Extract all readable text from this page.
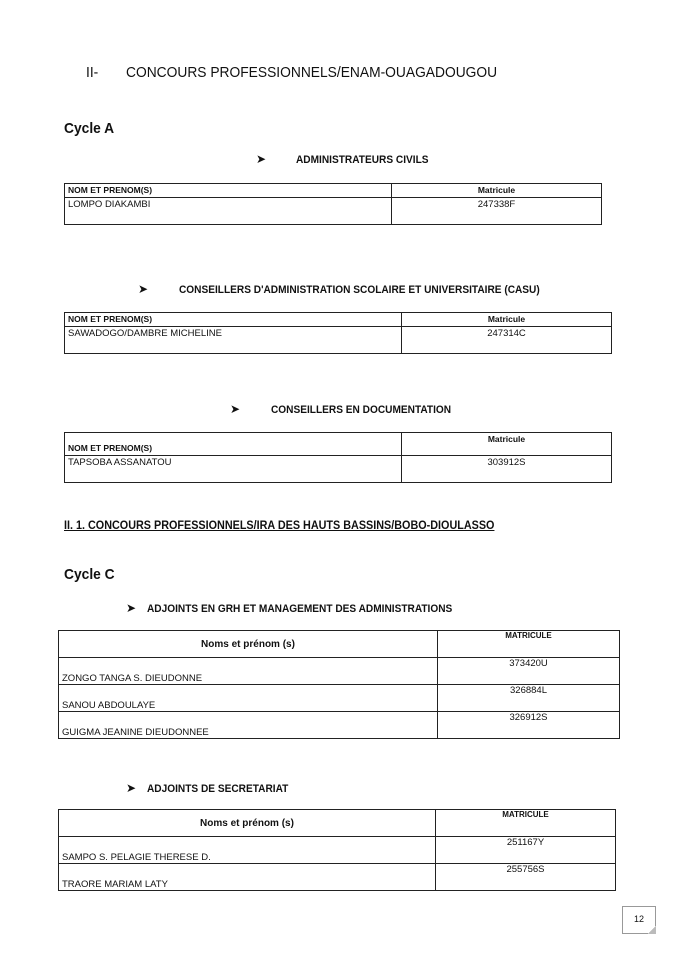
II- CONCOURS PROFESSIONNELS/ENAM-OUAGADOUGOU
Cycle A
➤	ADMINISTRATEURS CIVILS
NOM ET PRENOM(S)	Matricule
LOMPO DIAKAMBI	247338F
➤	CONSEILLERS D'ADMINISTRATION SCOLAIRE ET UNIVERSITAIRE (CASU)
NOM ET PRENOM(S)	Matricule
SAWADOGO/DAMBRE MICHELINE	247314C
➤	CONSEILLERS EN DOCUMENTATION
NOM ET PRENOM(S)	Matricule
TAPSOBA ASSANATOU	303912S
II. 1. CONCOURS PROFESSIONNELS/IRA DES HAUTS BASSINS/BOBO-DIOULASSO
Cycle C
➤ ADJOINTS EN GRH ET MANAGEMENT DES ADMINISTRATIONS
Noms et prénom (s)	MATRICULE
ZONGO TANGA S. DIEUDONNE	373420U
SANOU ABDOULAYE	326884L
GUIGMA JEANINE DIEUDONNEE	326912S
➤ ADJOINTS DE SECRETARIAT
Noms et prénom (s)	MATRICULE
SAMPO S. PELAGIE THERESE D.	251167Y
TRAORE MARIAM LATY	255756S
12
